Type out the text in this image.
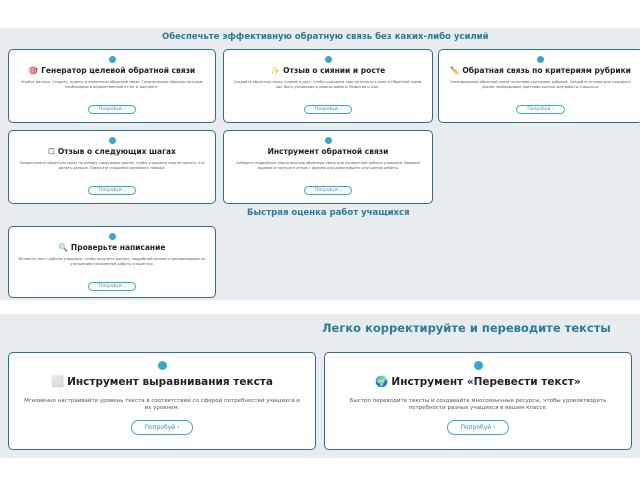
Обеспечьте эффективную обратную связь без каких-либо усилий
🎯 Генератор целевой обратной связи
Упойте данных. Создать, оценку и изменение обратной связи. Тематические образцы которые необходимы в ведомственный отчет и документ.
Попробуй ›
✨ Отзыв о сиянии и росте
Создайте обратную связь Сияние и рост, чтобы учащиеся смогли понять в зоне и Обратной связи, как быть учениками в рамках работы Развитие и Шаг.
Попробуй ›
✏️ Обратная связь по критериям рубрики
Генерирование обратной связи на основе критериев рубрики. Создайте отзывы для учащихся, указав необходимые критерии оценки для работы учащихся.
Попробуй ›
☐ Отзыв о следующих шагах
Предоставьте обратную связь по поводу следующих шагов, чтобы учащиеся смогли понять, что делать дальше. Помогите учащимся развивать навыки.
Попробуй ›
Инструмент обратной связи
Соберите подробную персональную обратную связь для конкретной работы учащихся. Введите задание и получите отзыв с идеями для дальнейшего улучшения работы.
Попробуй ›
Быстрая оценка работ учащихся
🔍 Проверьте написание
Вставьте текст работы учащихся, чтобы получить оценку, подробный анализ и рекомендации по улучшению письменной работы учащегося.
Попробуй ›
Легко корректируйте и переводите тексты
⬜ Инструмент выравнивания текста
Мгновенно настраивайте уровень текста в соответствии со сферой потребностей учащихся и их уровнем.
Попробуй ›
🌍 Инструмент «Перевести текст»
Быстро переводите тексты и создавайте многоязычные ресурсы, чтобы удовлетворить потребности разных учащихся в вашем классе.
Попробуй ›
